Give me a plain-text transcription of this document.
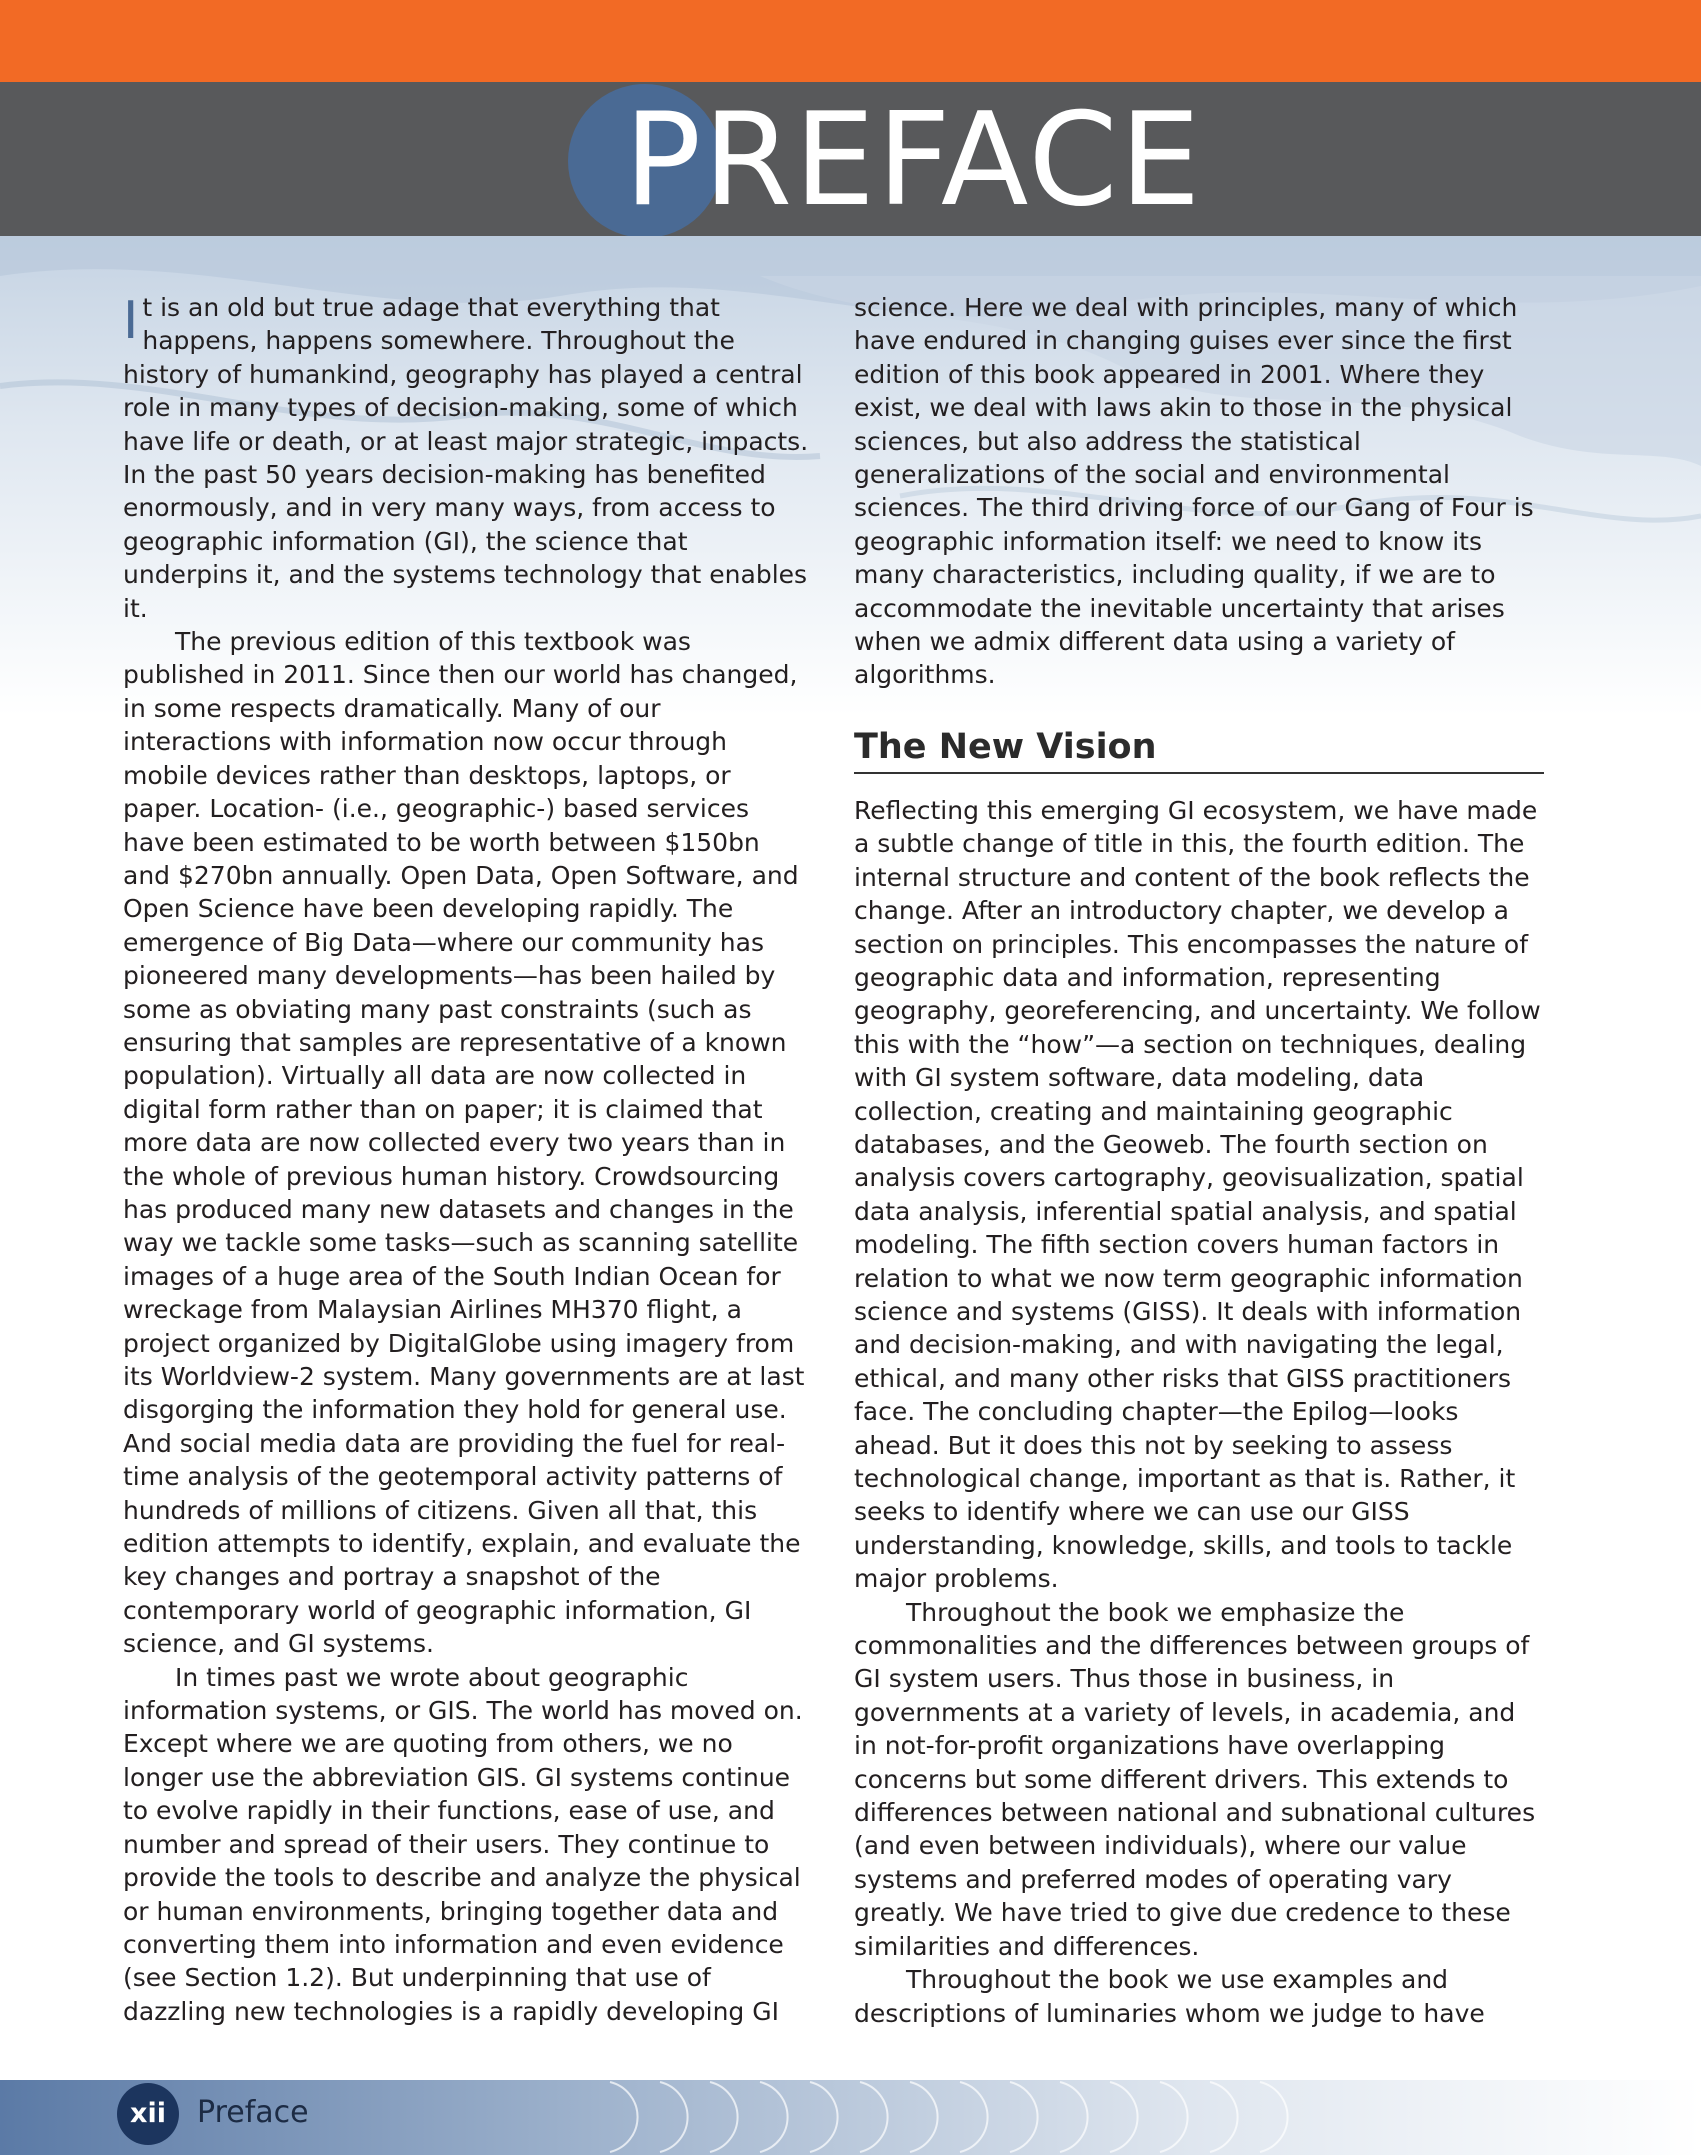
PREFACE

It is an old but true adage that everything that happens, happens somewhere. Throughout the history of humankind, geography has played a central role in many types of decision-making, some of which have life or death, or at least major strategic, impacts. In the past 50 years decision-making has benefited enormously, and in very many ways, from access to geographic information (GI), the science that underpins it, and the systems technology that enables it.

The previous edition of this textbook was published in 2011. Since then our world has changed, in some respects dramatically. Many of our interactions with information now occur through mobile devices rather than desktops, laptops, or paper. Location- (i.e., geographic-) based services have been estimated to be worth between $150bn and $270bn annually. Open Data, Open Software, and Open Science have been developing rapidly. The emergence of Big Data—where our community has pioneered many developments—has been hailed by some as obviating many past constraints (such as ensuring that samples are representative of a known population). Virtually all data are now collected in digital form rather than on paper; it is claimed that more data are now collected every two years than in the whole of previous human history. Crowdsourcing has produced many new datasets and changes in the way we tackle some tasks—such as scanning satellite images of a huge area of the South Indian Ocean for wreckage from Malaysian Airlines MH370 flight, a project organized by DigitalGlobe using imagery from its Worldview-2 system. Many governments are at last disgorging the information they hold for general use. And social media data are providing the fuel for real-time analysis of the geotemporal activity patterns of hundreds of millions of citizens. Given all that, this edition attempts to identify, explain, and evaluate the key changes and portray a snapshot of the contemporary world of geographic information, GI science, and GI systems.

In times past we wrote about geographic information systems, or GIS. The world has moved on. Except where we are quoting from others, we no longer use the abbreviation GIS. GI systems continue to evolve rapidly in their functions, ease of use, and number and spread of their users. They continue to provide the tools to describe and analyze the physical or human environments, bringing together data and converting them into information and even evidence (see Section 1.2). But underpinning that use of dazzling new technologies is a rapidly developing GI

science. Here we deal with principles, many of which have endured in changing guises ever since the first edition of this book appeared in 2001. Where they exist, we deal with laws akin to those in the physical sciences, but also address the statistical generalizations of the social and environmental sciences. The third driving force of our Gang of Four is geographic information itself: we need to know its many characteristics, including quality, if we are to accommodate the inevitable uncertainty that arises when we admix different data using a variety of algorithms.

The New Vision

Reflecting this emerging GI ecosystem, we have made a subtle change of title in this, the fourth edition. The internal structure and content of the book reflects the change. After an introductory chapter, we develop a section on principles. This encompasses the nature of geographic data and information, representing geography, georeferencing, and uncertainty. We follow this with the “how”—a section on techniques, dealing with GI system software, data modeling, data collection, creating and maintaining geographic databases, and the Geoweb. The fourth section on analysis covers cartography, geovisualization, spatial data analysis, inferential spatial analysis, and spatial modeling. The fifth section covers human factors in relation to what we now term geographic information science and systems (GISS). It deals with information and decision-making, and with navigating the legal, ethical, and many other risks that GISS practitioners face. The concluding chapter—the Epilog—looks ahead. But it does this not by seeking to assess technological change, important as that is. Rather, it seeks to identify where we can use our GISS understanding, knowledge, skills, and tools to tackle major problems.

Throughout the book we emphasize the commonalities and the differences between groups of GI system users. Thus those in business, in governments at a variety of levels, in academia, and in not-for-profit organizations have overlapping concerns but some different drivers. This extends to differences between national and subnational cultures (and even between individuals), where our value systems and preferred modes of operating vary greatly. We have tried to give due credence to these similarities and differences.

Throughout the book we use examples and descriptions of luminaries whom we judge to have

xii	Preface
